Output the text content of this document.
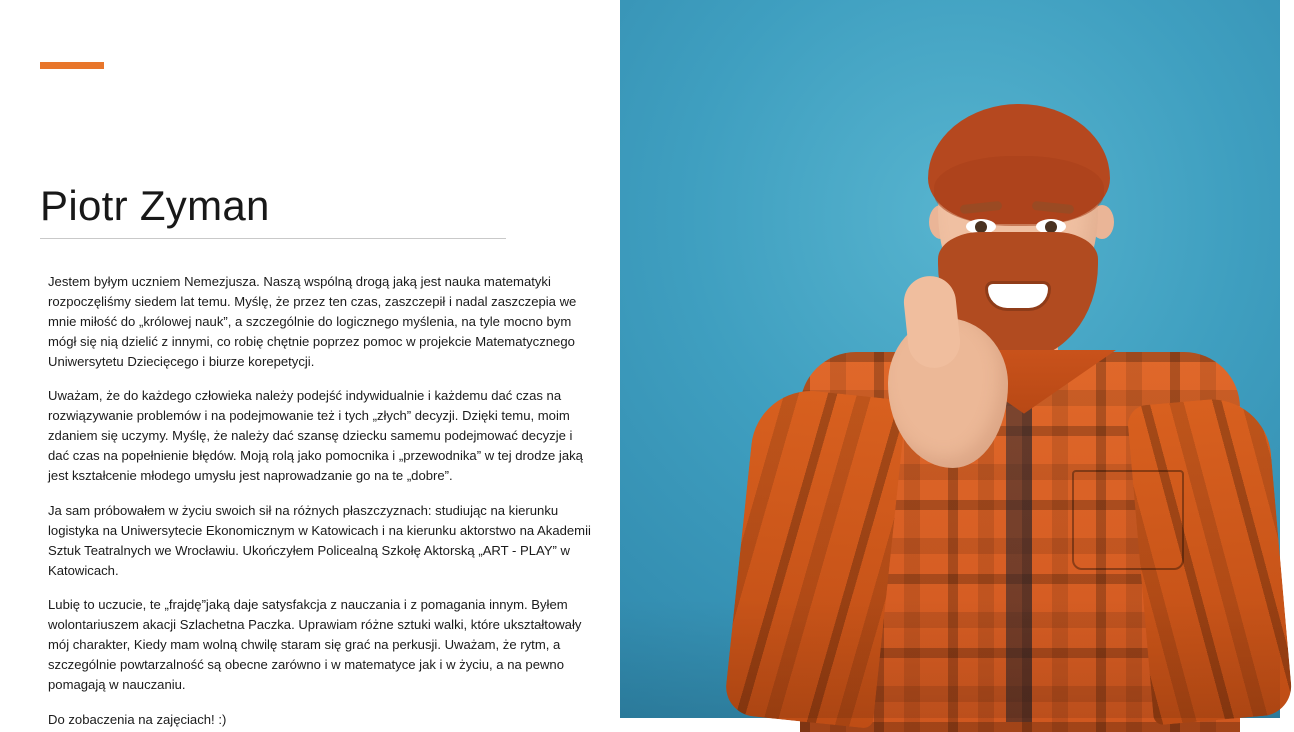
Piotr Zyman

Jestem byłym uczniem Nemezjusza. Naszą wspólną drogą jaką jest nauka matematyki rozpoczęliśmy siedem lat temu. Myślę, że przez ten czas, zaszczepił i nadal zaszczepia we mnie miłość do „królowej nauk”, a szczególnie do logicznego myślenia, na tyle mocno bym mógł się nią dzielić z innymi, co robię chętnie poprzez pomoc w projekcie Matematycznego Uniwersytetu Dziecięcego i biurze korepetycji.

Uważam, że do każdego człowieka należy podejść indywidualnie i każdemu dać czas na rozwiązywanie problemów i na podejmowanie też i tych „złych” decyzji. Dzięki temu, moim zdaniem się uczymy. Myślę, że należy dać szansę dziecku samemu podejmować decyzje i dać czas na popełnienie błędów. Moją rolą jako pomocnika i „przewodnika” w tej drodze jaką jest kształcenie młodego umysłu jest naprowadzanie go na te „dobre”.

Ja sam próbowałem w życiu swoich sił na różnych płaszczyznach: studiując na kierunku logistyka na Uniwersytecie Ekonomicznym w Katowicach i na kierunku aktorstwo na Akademii Sztuk Teatralnych we Wrocławiu. Ukończyłem Policealną Szkołę Aktorską „ART - PLAY” w Katowicach.

Lubię to uczucie, te „frajdę”jaką daje satysfakcja z nauczania i z pomagania innym. Byłem wolontariuszem akacji Szlachetna Paczka. Uprawiam różne sztuki walki, które ukształtowały mój charakter, Kiedy mam wolną chwilę staram się grać na perkusji. Uważam, że rytm, a szczególnie powtarzalność są obecne zarówno i w matematyce jak i w życiu, a na pewno pomagają w nauczaniu.

Do zobaczenia na zajęciach! :)
